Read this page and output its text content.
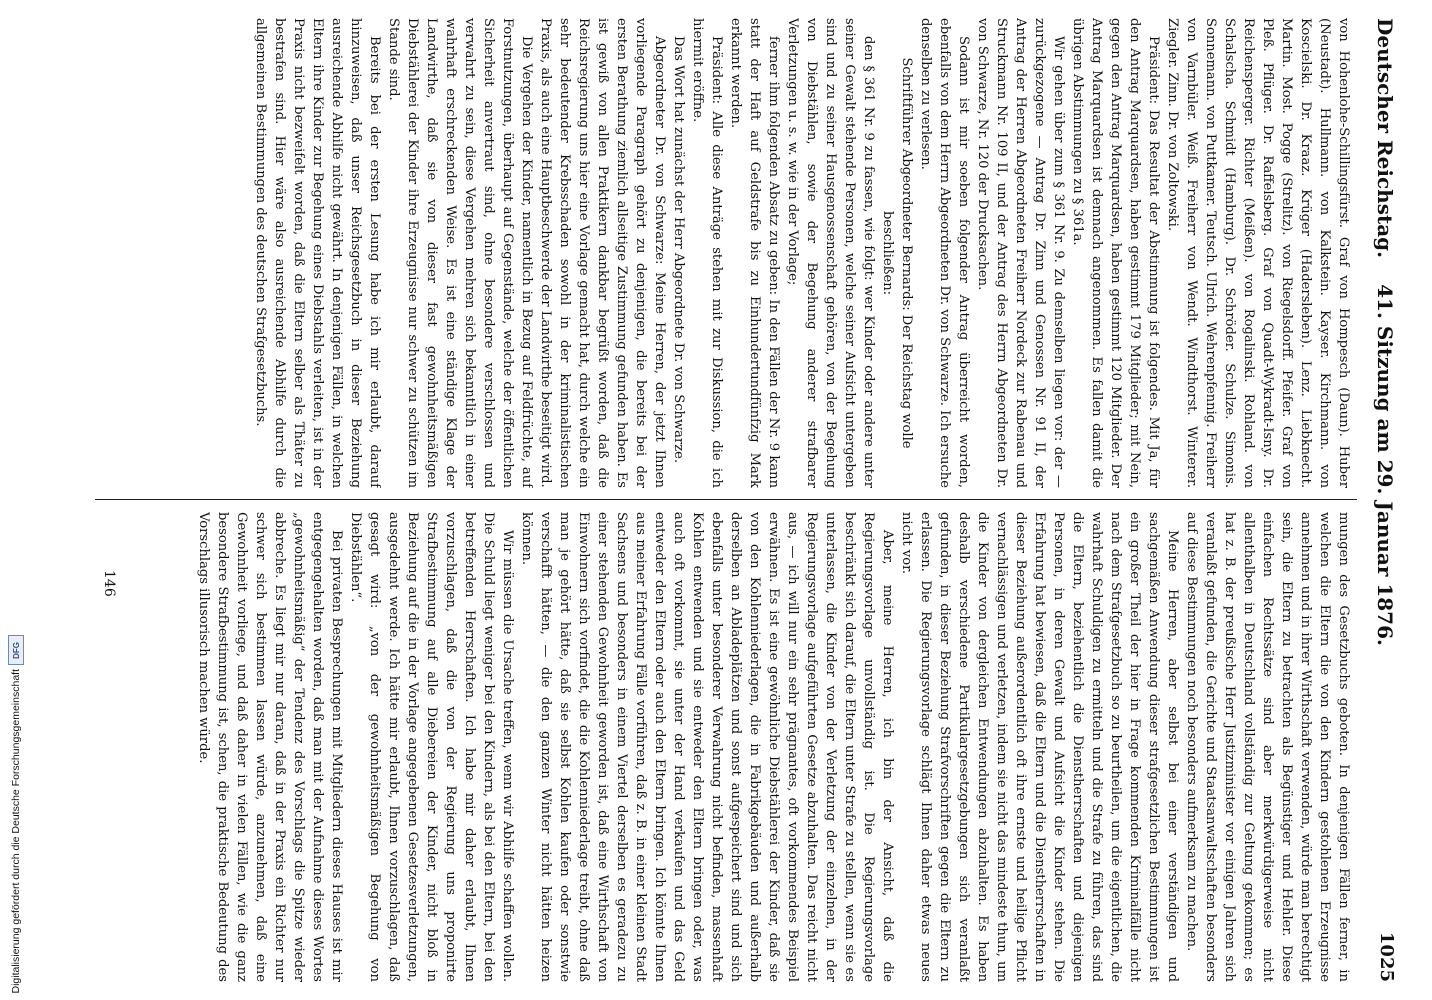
DFG
Digitalisierung gefördert durch die Deutsche Forschungsgemeinschaft
Deutscher Reichstag.
41. Sitzung am 29. Januar 1876.
1025

von Hohenlohe-Schillingsfürst. Graf von Hompesch (Daun). Huber (Neustadt). Hullmann. von Kalkstein. Kayser. Kirchmann. von Koscielski. Dr. Kraaz. Krüger (Hadersleben). Lenz. Liebknecht. Martin. Most. Pogge (Strelitz). von Riegelsdorff. Pfeifer. Graf von Pleß. Pflüger. Dr. Raffelsberg. Graf von Quadt-Wykradt-Isny. Dr. Reichensperger. Richter (Meißen). von Rogalinski. Rohland. von Schalscha. Schmidt (Hamburg). Dr. Schröder. Schulze. Simonis. Sonnemann. von Puttkamer. Teutsch. Ulrich. Wehrenpfennig. Freiherr von Varnbüler. Weiß. Freiherr von Wendt. Windthorst. Winterer. Ziegler. Zinn. Dr. von Zoltowski.

Präsident: Das Resultat der Abstimmung ist folgendes. Mit Ja, für den Antrag Marquardsen, haben gestimmt 179 Mitglieder; mit Nein, gegen den Antrag Marquardsen, haben gestimmt 120 Mitglieder. Der Antrag Marquardsen ist demnach angenommen. Es fallen damit die übrigen Abstimmungen zu § 361a.

Wir gehen über zum § 361 Nr. 9. Zu demselben liegen vor: der — zurückgezogene — Antrag Dr. Zinn und Genossen Nr. 91 II, der Antrag der Herren Abgeordneten Freiherr Nordeck zur Rabenau und Struckmann Nr. 109 II, und der Antrag des Herrn Abgeordneten Dr. von Schwarze, Nr. 120 der Drucksachen.

Sodann ist mir soeben folgender Antrag überreicht worden, ebenfalls von dem Herrn Abgeordneten Dr. von Schwarze. Ich ersuche denselben zu verlesen.

Schriftführer Abgeordneter Bernards: Der Reichstag wolle beschließen:

den § 361 Nr. 9 zu fassen, wie folgt: wer Kinder oder andere unter seiner Gewalt stehende Personen, welche seiner Aufsicht untergeben sind und zu seiner Hausgenossenschaft gehören, von der Begehung von Diebstählen, sowie der Begehung anderer strafbarer Verletzungen u. s. w. wie in der Vorlage;

ferner ihm folgenden Absatz zu geben: In den Fällen der Nr. 9 kann statt der Haft auf Geldstrafe bis zu Einhundertundfünfzig Mark erkannt werden.

Präsident: Alle diese Anträge stehen mit zur Diskussion, die ich hiermit eröffne.

Das Wort hat zunächst der Herr Abgeordnete Dr. von Schwarze.

Abgeordneter Dr. von Schwarze: Meine Herren, der jetzt Ihnen vorliegende Paragraph gehört zu denjenigen, die bereits bei der ersten Berathung ziemlich allseitige Zustimmung gefunden haben. Es ist gewiß von allen Praktikern dankbar begrüßt worden, daß die Reichsregierung uns hier eine Vorlage gemacht hat, durch welche ein sehr bedeutender Krebsschaden sowohl in der kriminalistischen Praxis, als auch eine Hauptbeschwerde der Landwirthe beseitigt wird.

Die Vergehen der Kinder, namentlich in Bezug auf Feldfrüchte, auf Forstnutzungen, überhaupt auf Gegenstände, welche der öffentlichen Sicherheit anvertraut sind, ohne besondere verschlossen und verwahrt zu sein, diese Vergehen mehren sich bekanntlich in einer wahrhaft erschreckenden Weise. Es ist eine ständige Klage der Landwirthe, daß sie von dieser fast gewohnheitsmäßigen Diebstählerei der Kinder ihre Erzeugnisse nur schwer zu schützen im Stande sind.

Bereits bei der ersten Lesung habe ich mir erlaubt, darauf hinzuweisen, daß unser Reichsgesetzbuch in dieser Beziehung ausreichende Abhilfe nicht gewährt. In denjenigen Fällen, in welchen Eltern ihre Kinder zur Begehung eines Diebstahls verleiten, ist in der Praxis nicht bezweifelt worden, daß die Eltern selber als Thäter zu bestrafen sind. Hier wäre also ausreichende Abhilfe durch die allgemeinen Bestimmungen des deutschen Strafgesetzbuchs.

mungen des Gesetzbuchs geboten. In denjenigen Fällen ferner, in welchen die Eltern die von den Kindern gestohlenen Erzeugnisse annehmen und in ihrer Wirthschaft verwenden, würde man berechtigt sein, die Eltern zu betrachten als Begünstiger und Hehler. Diese einfachen Rechtssätze sind aber merkwürdigerweise nicht allenthalben in Deutschland vollständig zur Geltung gekommen; es hat z. B. der preußische Herr Justizminister vor einigen Jahren sich veranlaßt gefunden, die Gerichte und Staatsanwaltschaften besonders auf diese Bestimmungen noch besonders aufmerksam zu machen.

Meine Herren, aber selbst bei einer verständigen und sachgemäßen Anwendung dieser strafgesetzlichen Bestimmungen ist ein großer Theil der hier in Frage kommenden Kriminalfälle nicht nach dem Strafgesetzbuch so zu beurtheilen, um die eigentlichen, die wahrhaft Schuldigen zu ermitteln und die Strafe zu führen, das sind die Eltern, beziehentlich die Dienstherrschaften und diejenigen Personen, in deren Gewalt und Aufsicht die Kinder stehen. Die Erfahrung hat bewiesen, daß die Eltern und die Dienstherrschaften in dieser Beziehung außerordentlich oft ihre ernste und heilige Pflicht vernachlässigen und verletzen, indem sie nicht das mindeste thun, um die Kinder von dergleichen Entwendungen abzuhalten. Es haben deshalb verschiedene Partikulargesetzgebungen sich veranlaßt gefunden, in dieser Beziehung Strafvorschriften gegen die Eltern zu erlassen. Die Regierungsvorlage schlägt Ihnen daher etwas neues nicht vor.

Aber, meine Herren, ich bin der Ansicht, daß die Regierungsvorlage unvollständig ist. Die Regierungsvorlage beschränkt sich darauf, die Eltern unter Strafe zu stellen, wenn sie es unterlassen, die Kinder von der Verletzung der einzelnen, in der Regierungsvorlage aufgeführten Gesetze abzuhalten. Das reicht nicht aus, — ich will nur ein sehr prägnantes, oft vorkommendes Beispiel erwähnen. Es ist eine gewöhnliche Diebstählerei der Kinder, daß sie von den Kohlenniederlagen, die in Fabrikgebäuden und außerhalb derselben an Abladeplätzen und sonst aufgespeichert sind und sich ebenfalls unter besonderer Verwahrung nicht befinden, massenhaft Kohlen entwenden und sie entweder den Eltern bringen oder, was auch oft vorkommt, sie unter der Hand verkaufen und das Geld entweder den Eltern oder auch den Eltern bringen. Ich könnte Ihnen aus meiner Erfahrung Fälle vorführen, daß z. B. in einer kleinen Stadt Sachsens und besonders in einem Viertel derselben es geradezu zu einer stehenden Gewohnheit geworden ist, daß eine Wirthschaft von Einwohnern sich vorfindet, die die Kohlenniederlage treibt, ohne daß man je gehört hätte, daß sie selbst Kohlen kaufen oder sonstwie verschafft hätten, — die den ganzen Winter nicht hätten heizen können.

Wir müssen die Ursache treffen, wenn wir Abhilfe schaffen wollen. Die Schuld liegt weniger bei den Kindern, als bei den Eltern, bei den betreffenden Herrschaften. Ich habe mir daher erlaubt, Ihnen vorzuschlagen, daß die von der Regierung uns proponirte Strafbestimmung auf alle Diebereien der Kinder, nicht bloß in Beziehung auf die in der Vorlage angegebenen Gesetzesverletzungen, ausgedehnt werde. Ich hätte mir erlaubt, Ihnen vorzuschlagen, daß gesagt wird: „von der gewohnheitsmäßigen Begehung von Diebstählen“.

Bei privaten Besprechungen mit Mitgliedern dieses Hauses ist mir entgegengehalten worden, daß man mit der Aufnahme dieses Wortes „gewohnheitsmäßig“ der Tendenz des Vorschlags die Spitze wieder abbreche. Es liegt mir nur daran, daß in der Praxis ein Richter nur schwer sich bestimmen lassen würde, anzunehmen, daß eine Gewohnheit vorliege, und daß daher in vielen Fällen, wie die ganz besondere Strafbestimmung ist, schen, die praktische Bedeutung des Vorschlags illusorisch machen würde.

146
